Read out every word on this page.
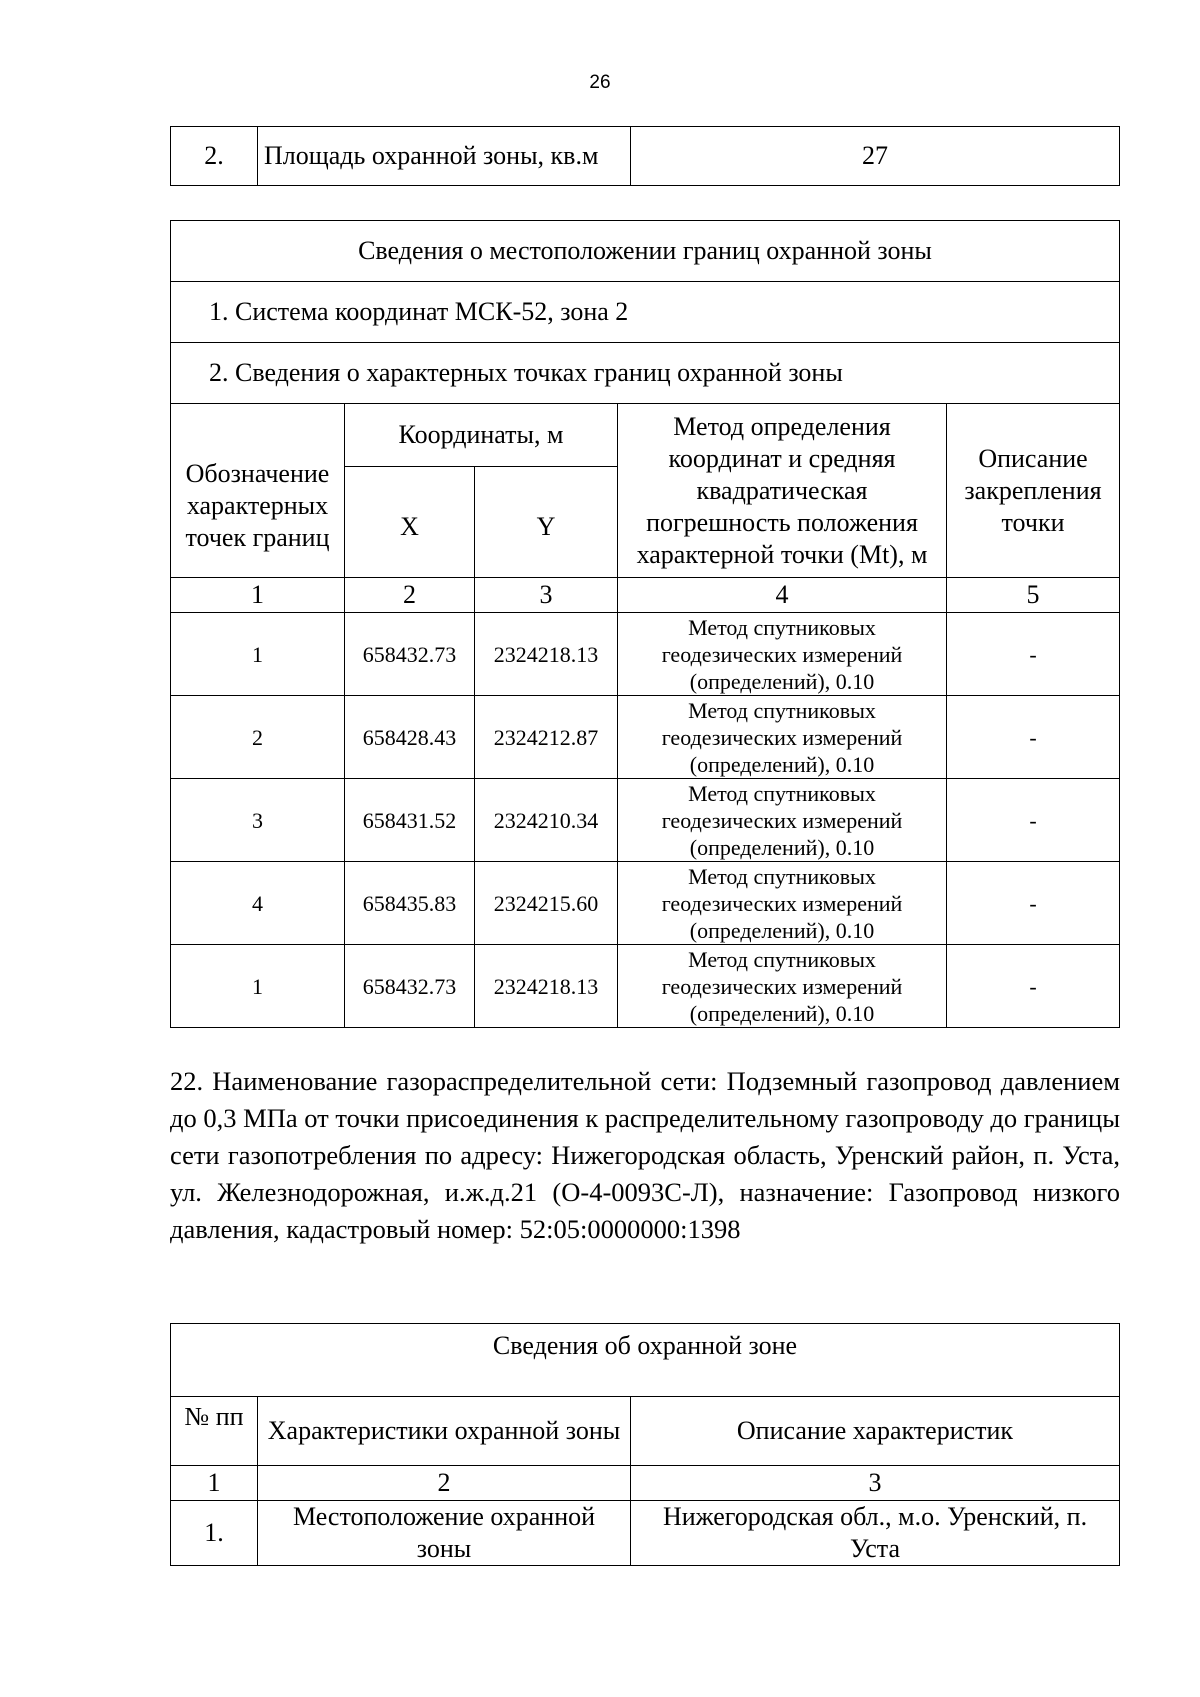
26
2.	Площадь охранной зоны, кв.м	27
Сведения о местоположении границ охранной зоны				
1. Система координат МСК-52, зона 2				
2. Сведения о характерных точках границ охранной зоны				
Обозначение характерных точек границ	Координаты, м		Метод определения координат и средняя квадратическая погрешность положения характерной точки (Mt), м	Описание закрепления точки
	X	Y		
1	2	3	4	5
1	658432.73	2324218.13	Метод спутниковых геодезических измерений (определений), 0.10	-
2	658428.43	2324212.87	Метод спутниковых геодезических измерений (определений), 0.10	-
3	658431.52	2324210.34	Метод спутниковых геодезических измерений (определений), 0.10	-
4	658435.83	2324215.60	Метод спутниковых геодезических измерений (определений), 0.10	-
1	658432.73	2324218.13	Метод спутниковых геодезических измерений (определений), 0.10	-
22. Наименование газораспределительной сети: Подземный газопровод давлением до 0,3 МПа от точки присоединения к распределительному газопроводу до границы сети газопотребления по адресу: Нижегородская область, Уренский район, п. Уста, ул. Железнодорожная, и.ж.д.21 (О-4-0093С-Л), назначение: Газопровод низкого давления, кадастровый номер: 52:05:0000000:1398
Сведения об охранной зоне		
№ пп	Характеристики охранной зоны	Описание характеристик
1	2	3
1.	Местоположение охранной зоны	Нижегородская обл., м.о. Уренский, п. Уста
